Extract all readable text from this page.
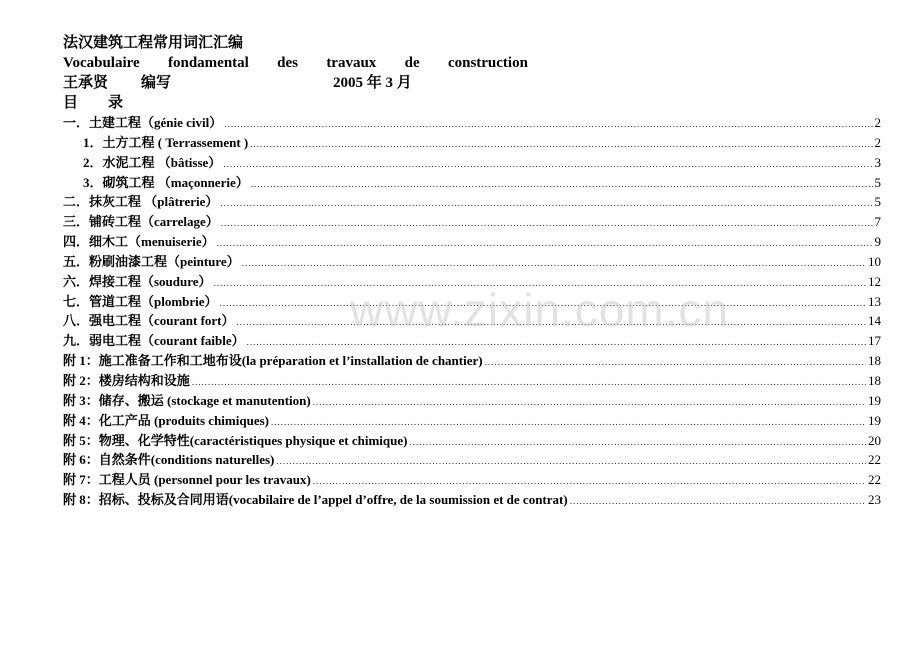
法汉建筑工程常用词汇汇编
Vocabulaire fondamental des travaux de construction
王承贤	编写	2005 年 3 月
目 录
一．土建工程（génie civil） .....	2
1．土方工程 ( Terrassement ) .....	2
2．水泥工程 （bâtisse） .....	3
3．砌筑工程 （maçonnerie） .....	5
二．抹灰工程 （plâtrerie） .....	5
三．铺砖工程（carrelage） .....	7
四．细木工（menuiserie） .....	9
五．粉刷油漆工程（peinture） .....	10
六．焊接工程（soudure） .....	12
七．管道工程（plombrie） .....	13
八．强电工程（courant fort） .....	14
九．弱电工程（courant faible） .....	17
附 1：施工准备工作和工地布设(la préparation et l’installation de chantier) .....	18
附 2：楼房结构和设施 .....	18
附 3：储存、搬运 (stockage et manutention) .....	19
附 4：化工产品 (produits chimiques) .....	19
附 5：物理、化学特性(caractéristiques physique et chimique) .....	20
附 6：自然条件(conditions naturelles) .....	22
附 7：工程人员 (personnel pour les travaux) .....	22
附 8：招标、投标及合同用语(vocabilaire de l’appel d’offre, de la soumission et de contrat) .....	23
www.zixin.com.cn
